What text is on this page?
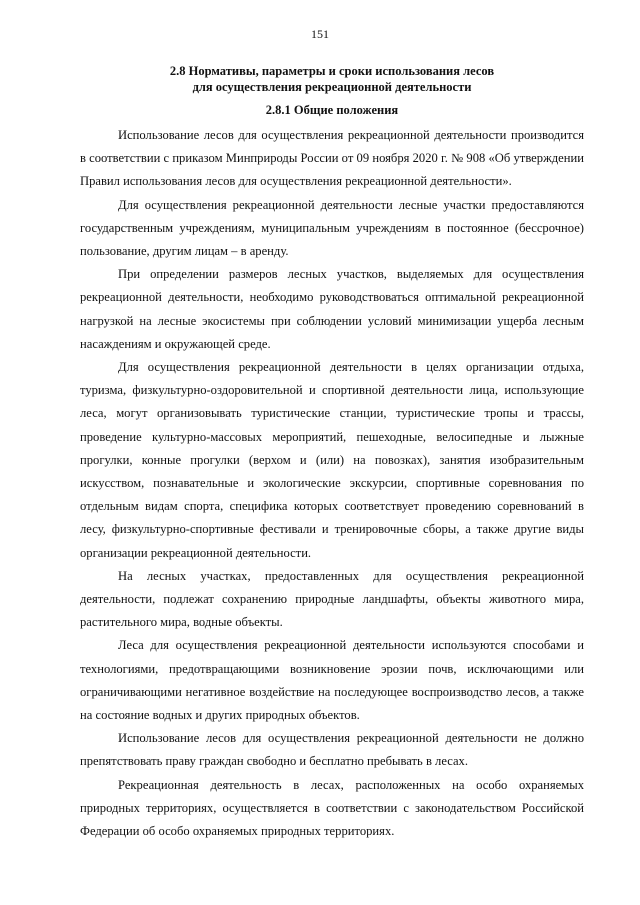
151
2.8 Нормативы, параметры и сроки использования лесов
для осуществления рекреационной деятельности
2.8.1 Общие положения

Использование лесов для осуществления рекреационной деятельности производится в соответствии с приказом Минприроды России от 09 ноября 2020 г. № 908 «Об утверждении Правил использования лесов для осуществления рекреационной деятельности».

Для осуществления рекреационной деятельности лесные участки предоставляются государственным учреждениям, муниципальным учреждениям в постоянное (бессрочное) пользование, другим лицам – в аренду.

При определении размеров лесных участков, выделяемых для осуществления рекреационной деятельности, необходимо руководствоваться оптимальной рекреационной нагрузкой на лесные экосистемы при соблюдении условий минимизации ущерба лесным насаждениям и окружающей среде.

Для осуществления рекреационной деятельности в целях организации отдыха, туризма, физкультурно-оздоровительной и спортивной деятельности лица, использующие леса, могут организовывать туристические станции, туристические тропы и трассы, проведение культурно-массовых мероприятий, пешеходные, велосипедные и лыжные прогулки, конные прогулки (верхом и (или) на повозках), занятия изобразительным искусством, познавательные и экологические экскурсии, спортивные соревнования по отдельным видам спорта, специфика которых соответствует проведению соревнований в лесу, физкультурно-спортивные фестивали и тренировочные сборы, а также другие виды организации рекреационной деятельности.

На лесных участках, предоставленных для осуществления рекреационной деятельности, подлежат сохранению природные ландшафты, объекты животного мира, растительного мира, водные объекты.

Леса для осуществления рекреационной деятельности используются способами и технологиями, предотвращающими возникновение эрозии почв, исключающими или ограничивающими негативное воздействие на последующее воспроизводство лесов, а также на состояние водных и других природных объектов.

Использование лесов для осуществления рекреационной деятельности не должно препятствовать праву граждан свободно и бесплатно пребывать в лесах.

Рекреационная деятельность в лесах, расположенных на особо охраняемых природных территориях, осуществляется в соответствии с законодательством Российской Федерации об особо охраняемых природных территориях.
